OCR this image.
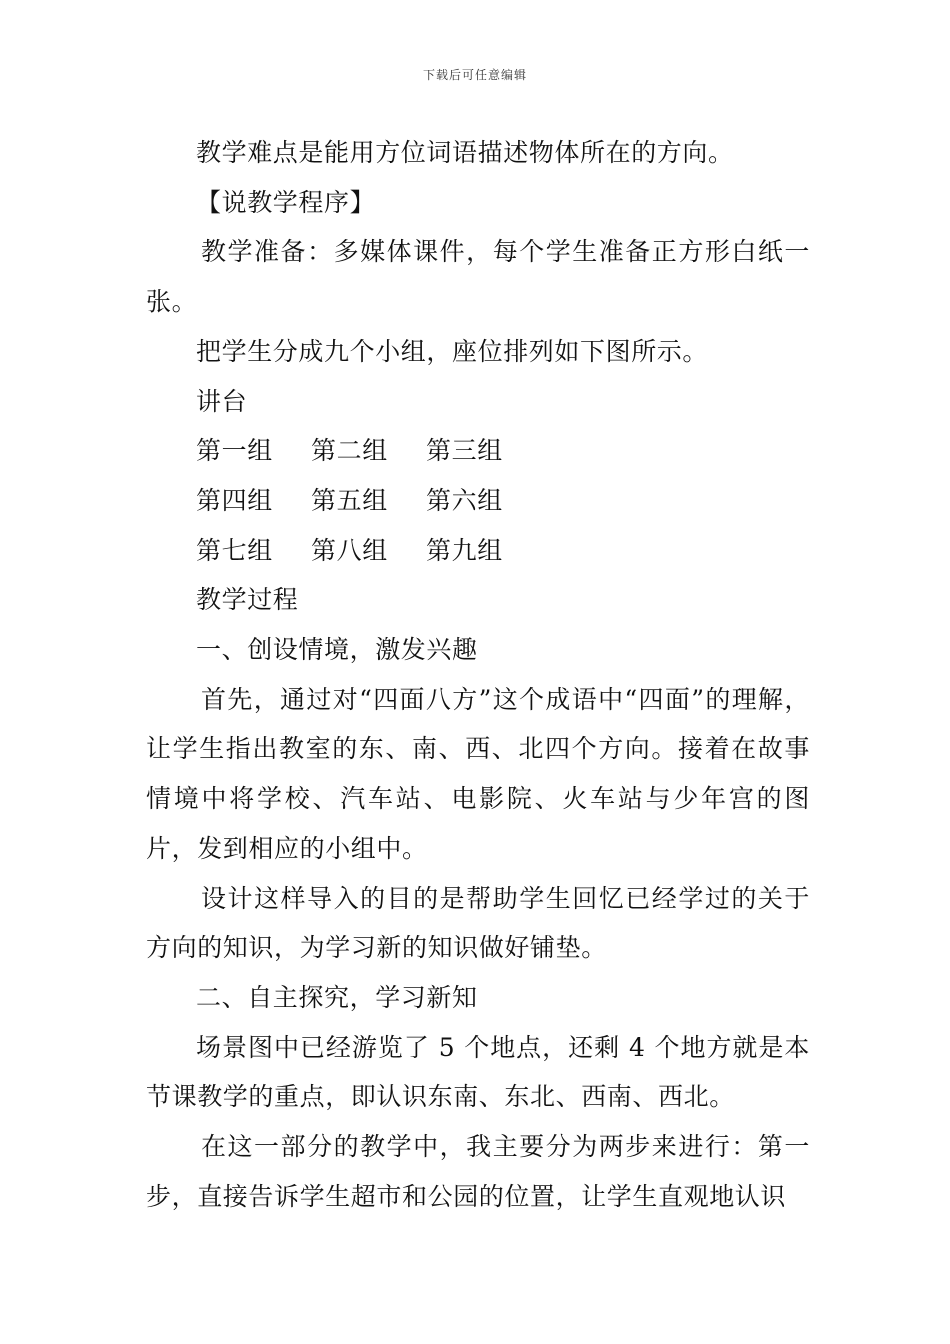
下载后可任意编辑

教学难点是能用方位词语描述物体所在的方向。

【说教学程序】

教学准备：多媒体课件，每个学生准备正方形白纸一张。

把学生分成九个小组，座位排列如下图所示。

讲台

第一组	第二组	第三组
第四组	第五组	第六组
第七组	第八组	第九组

教学过程

一、创设情境，激发兴趣

首先，通过对“四面八方”这个成语中“四面”的理解，让学生指出教室的东、南、西、北四个方向。接着在故事情境中将学校、汽车站、电影院、火车站与少年宫的图片，发到相应的小组中。

设计这样导入的目的是帮助学生回忆已经学过的关于方向的知识，为学习新的知识做好铺垫。

二、自主探究，学习新知

场景图中已经游览了 5 个地点，还剩 4 个地方就是本节课教学的重点，即认识东南、东北、西南、西北。

在这一部分的教学中，我主要分为两步来进行：第一步，直接告诉学生超市和公园的位置，让学生直观地认识
